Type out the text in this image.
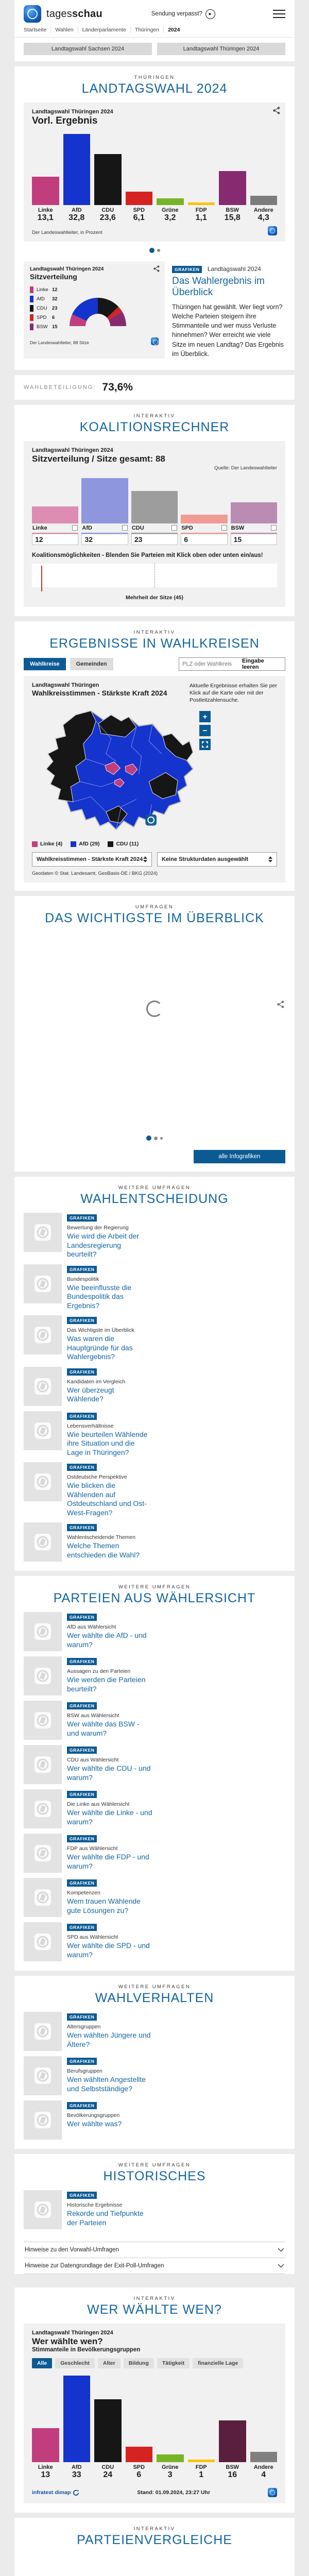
tagesschau	Sendung verpasst?	▶
Startseite	Wahlen	Länderparlamente	Thüringen	2024
Landtagswahl Sachsen 2024	Landtagswahl Thüringen 2024
THÜRINGEN
LANDTAGSWAHL 2024
Landtagswahl Thüringen 2024
Vorl. Ergebnis
Linke
13,1
AfD
32,8
CDU
23,6
SPD
6,1
Grüne
3,2
FDP
1,1
BSW
15,8
Andere
4,3
Der Landeswahlleiter, in Prozent
Landtagswahl Thüringen 2024
Sitzverteilung
Linke 12
AfD	32
CDU 23
SPD	6
BSW 15
Der Landeswahlleiter, 88 Sitze
GRAFIKEN Landtagswahl 2024
Das Wahlergebnis im Überblick
Thüringen hat gewählt. Wer liegt vorn? Welche Parteien steigern ihre Stimmanteile und wer muss Verluste hinnehmen? Wer erreicht wie viele Sitze im neuen Landtag? Das Ergebnis im Überblick.
WAHLBETEILIGUNG: 73,6%
INTERAKTIV
KOALITIONSRECHNER
Landtagswahl Thüringen 2024
Sitzverteilung / Sitze gesamt: 88
Quelle: Der Landeswahlleiter
Linke
12
AfD
32
CDU
23
SPD
6
BSW
15
Koalitionsmöglichkeiten - Blenden Sie Parteien mit Klick oben oder unten ein/aus!
Mehrheit der Sitze (45)
INTERAKTIV
ERGEBNISSE IN WAHLKREISEN
Wahlkreise	Gemeinden
PLZ oder Wahlkreis	Eingabe leeren
Landtagswahl Thüringen
Wahlkreisstimmen - Stärkste Kraft 2024
Aktuelle Ergebnisse erhalten Sie per Klick auf die Karte oder mit der Postleitzahlensuche.
+
−
Linke (4)	AfD (29)	CDU (11)
Wahlkreisstimmen - Stärkste Kraft 2024	Keine Strukturdaten ausgewählt
Geodaten © Stat. Landesamt, GeoBasis-DE / BKG (2024)
UMFRAGEN
DAS WICHTIGSTE IM ÜBERBLICK
alle Infografiken
WEITERE UMFRAGEN
WAHLENTSCHEIDUNG
GRAFIKEN
Bewertung der Regierung
Wie wird die Arbeit der Landesregierung beurteilt?
GRAFIKEN
Bundespolitik
Wie beeinflusste die Bundespolitik das Ergebnis?
GRAFIKEN
Das Wichtigste im Überblick
Was waren die Hauptgründe für das Wahlergebnis?
GRAFIKEN
Kandidaten im Vergleich
Wer überzeugt Wählende?
GRAFIKEN
Lebensverhältnisse
Wie beurteilen Wählende ihre Situation und die Lage in Thüringen?
GRAFIKEN
Ostdeutsche Perspektive
Wie blicken die Wählenden auf Ostdeutschland und Ost-West-Fragen?
GRAFIKEN
Wahlentscheidende Themen
Welche Themen entschieden die Wahl?
WEITERE UMFRAGEN
PARTEIEN AUS WÄHLERSICHT
GRAFIKEN
AfD aus Wählersicht
Wer wählte die AfD - und warum?
GRAFIKEN
Aussagen zu den Parteien
Wie werden die Parteien beurteilt?
GRAFIKEN
BSW aus Wählersicht
Wer wählte das BSW - und warum?
GRAFIKEN
CDU aus Wählersicht
Wer wählte die CDU - und warum?
GRAFIKEN
Die Linke aus Wählersicht
Wer wählte die Linke - und warum?
GRAFIKEN
FDP aus Wählersicht
Wer wählte die FDP - und warum?
GRAFIKEN
Kompetenzen
Wem trauen Wählende gute Lösungen zu?
GRAFIKEN
SPD aus Wählersicht
Wer wählte die SPD - und warum?
WEITERE UMFRAGEN
WAHLVERHALTEN
GRAFIKEN
Altersgruppen
Wen wählten Jüngere und Ältere?
GRAFIKEN
Berufsgruppen
Wen wählten Angestellte und Selbstständige?
GRAFIKEN
Bevölkerungsgruppen
Wer wählte was?
WEITERE UMFRAGEN
HISTORISCHES
GRAFIKEN
Historische Ergebnisse
Rekorde und Tiefpunkte der Parteien
Hinweise zu den Vorwahl-Umfragen
Hinweise zur Datengrundlage der Exit-Poll-Umfragen
INTERAKTIV
WER WÄHLTE WEN?
Landtagswahl Thüringen 2024
Wer wählte wen?
Stimmanteile in Bevölkerungsgruppen
Alle	Geschlecht	Alter	Bildung	Tätigkeit	finanzielle Lage
Linke
13
AfD
33
CDU
24
SPD
6
Grüne
3
FDP
1
BSW
16
Andere
4
infratest dimap	Stand: 01.09.2024, 23:27 Uhr
INTERAKTIV
PARTEIENVERGLEICHE
